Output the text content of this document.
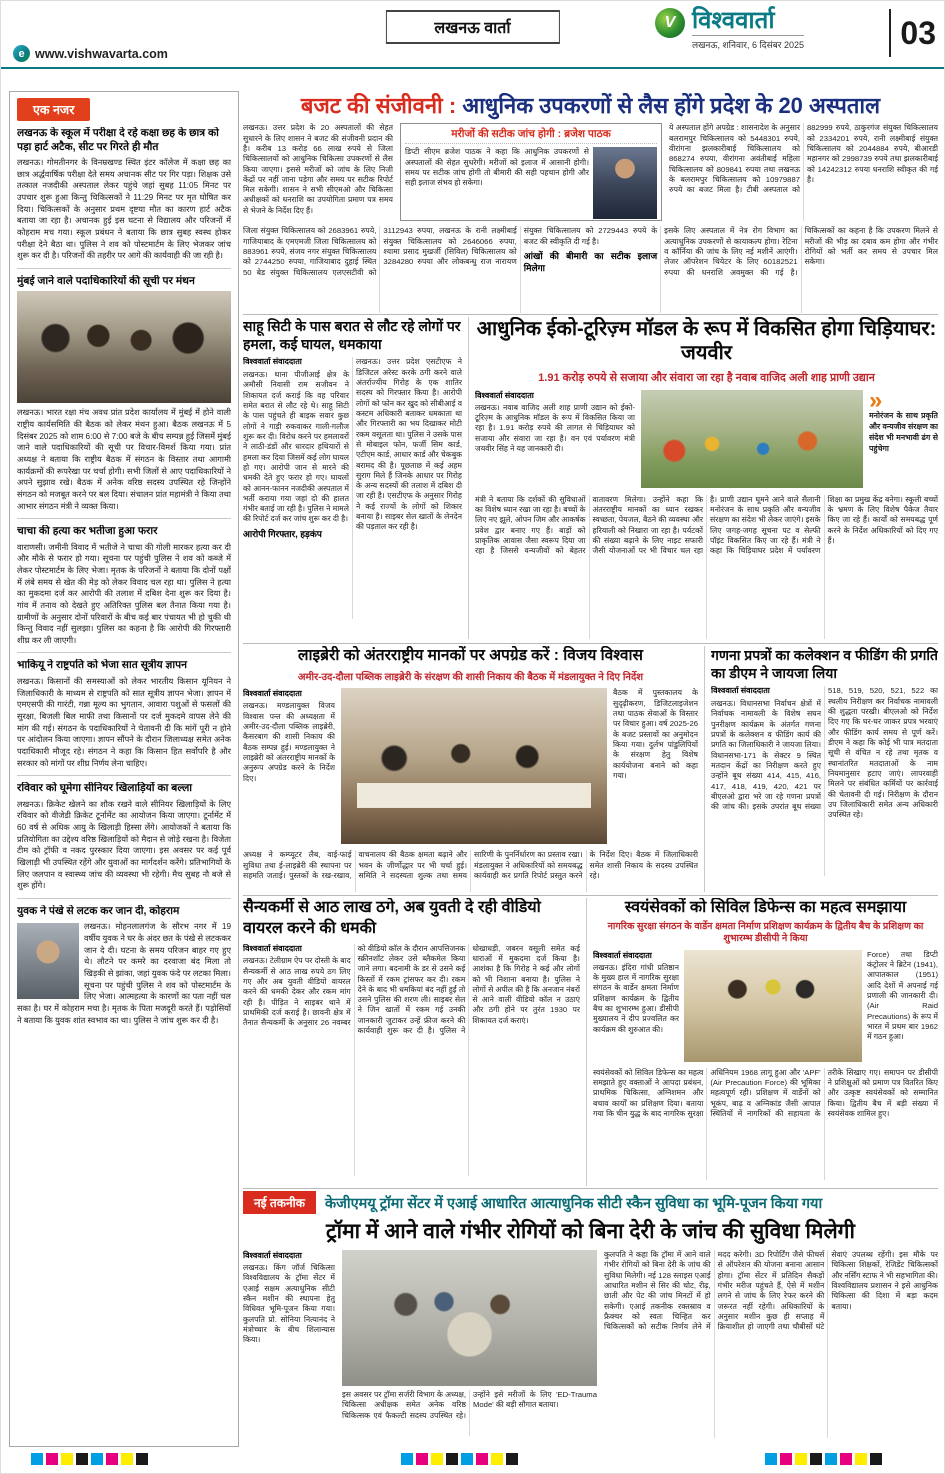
e www.vishwavarta.com
लखनऊ वार्ता	V विश्ववार्ता
लखनऊ, शनिवार, 6 दिसंबर 2025	03
एक नजर
लखनऊ के स्कूल में परीक्षा दे रहे कक्षा छह के छात्र को पड़ा हार्ट अटैक, सीट पर गिरते ही मौत
लखनऊ। गोमतीनगर के विनम्रखण्ड स्थित इंटर कॉलेज में कक्षा छह का छात्र अर्द्धवार्षिक परीक्षा देते समय अचानक सीट पर गिर पड़ा। शिक्षक उसे तत्काल नजदीकी अस्पताल लेकर पहुंचे जहां सुबह 11:05 मिनट पर उपचार शुरू हुआ किन्तु चिकित्सकों ने 11:29 मिनट पर मृत घोषित कर दिया। चिकित्सकों के अनुसार प्रथम दृष्टया मौत का कारण हार्ट अटैक बताया जा रहा है। अचानक हुई इस घटना से विद्यालय और परिजनों में कोहराम मच गया। स्कूल प्रबंधन ने बताया कि छात्र सुबह स्वस्थ होकर परीक्षा देने बैठा था। पुलिस ने शव को पोस्टमार्टम के लिए भेजकर जांच शुरू कर दी है। परिजनों की तहरीर पर आगे की कार्यवाही की जा रही है।
मुंबई जाने वाले पदाधिकारियों की सूची पर मंथन
लखनऊ। भारत रक्षा मंच अवध प्रांत प्रदेश कार्यालय में मुंबई में होने वाली राष्ट्रीय कार्यसमिति की बैठक को लेकर मंथन हुआ। बैठक लखनऊ में 5 दिसंबर 2025 को शाम 6:00 से 7:00 बजे के बीच सम्पन्न हुई जिसमें मुंबई जाने वाले पदाधिकारियों की सूची पर विचार-विमर्श किया गया। प्रांत अध्यक्ष ने बताया कि राष्ट्रीय बैठक में संगठन के विस्तार तथा आगामी कार्यक्रमों की रूपरेखा पर चर्चा होगी। सभी जिलों से आए पदाधिकारियों ने अपने सुझाव रखे। बैठक में अनेक वरिष्ठ सदस्य उपस्थित रहे जिन्होंने संगठन को मजबूत करने पर बल दिया। संचालन प्रांत महामंत्री ने किया तथा आभार संगठन मंत्री ने व्यक्त किया।
चाचा की हत्या कर भतीजा हुआ फरार
वाराणसी। जमीनी विवाद में भतीजे ने चाचा की गोली मारकर हत्या कर दी और मौके से फरार हो गया। सूचना पर पहुंची पुलिस ने शव को कब्जे में लेकर पोस्टमार्टम के लिए भेजा। मृतक के परिजनों ने बताया कि दोनों पक्षों में लंबे समय से खेत की मेड़ को लेकर विवाद चल रहा था। पुलिस ने हत्या का मुकदमा दर्ज कर आरोपी की तलाश में दबिश देना शुरू कर दिया है। गांव में तनाव को देखते हुए अतिरिक्त पुलिस बल तैनात किया गया है। ग्रामीणों के अनुसार दोनों परिवारों के बीच कई बार पंचायत भी हो चुकी थी किन्तु विवाद नहीं सुलझा। पुलिस का कहना है कि आरोपी की गिरफ्तारी शीघ्र कर ली जाएगी।
भाकियू ने राष्ट्रपति को भेजा सात सूत्रीय ज्ञापन
लखनऊ। किसानों की समस्याओं को लेकर भारतीय किसान यूनियन ने जिलाधिकारी के माध्यम से राष्ट्रपति को सात सूत्रीय ज्ञापन भेजा। ज्ञापन में एमएसपी की गारंटी, गन्ना मूल्य का भुगतान, आवारा पशुओं से फसलों की सुरक्षा, बिजली बिल माफी तथा किसानों पर दर्ज मुकदमे वापस लेने की मांग की गई। संगठन के पदाधिकारियों ने चेतावनी दी कि मांगें पूरी न होने पर आंदोलन किया जाएगा। ज्ञापन सौंपने के दौरान जिलाध्यक्ष समेत अनेक पदाधिकारी मौजूद रहे। संगठन ने कहा कि किसान हित सर्वोपरि है और सरकार को मांगों पर शीघ्र निर्णय लेना चाहिए।
रविवार को घूमेगा सीनियर खिलाड़ियों का बल्ला
लखनऊ। क्रिकेट खेलने का शौक रखने वाले सीनियर खिलाड़ियों के लिए रविवार को वीजेडी क्रिकेट टूर्नामेंट का आयोजन किया जाएगा। टूर्नामेंट में 60 वर्ष से अधिक आयु के खिलाड़ी हिस्सा लेंगे। आयोजकों ने बताया कि प्रतियोगिता का उद्देश्य वरिष्ठ खिलाड़ियों को मैदान से जोड़े रखना है। विजेता टीम को ट्रॉफी व नकद पुरस्कार दिया जाएगा। इस अवसर पर कई पूर्व खिलाड़ी भी उपस्थित रहेंगे और युवाओं का मार्गदर्शन करेंगे। प्रतिभागियों के लिए जलपान व स्वास्थ्य जांच की व्यवस्था भी रहेगी। मैच सुबह नौ बजे से शुरू होंगे।
युवक ने पंखे से लटक कर जान दी, कोहराम
लखनऊ। मोहनलालगंज के सौरभ नगर में 19 वर्षीय युवक ने घर के अंदर छत के पंखे से लटककर जान दे दी। घटना के समय परिजन बाहर गए हुए थे। लौटने पर कमरे का दरवाजा बंद मिला तो खिड़की से झांका, जहां युवक फंदे पर लटका मिला। सूचना पर पहुंची पुलिस ने शव को पोस्टमार्टम के लिए भेजा। आत्महत्या के कारणों का पता नहीं चल सका है। घर में कोहराम मचा है। मृतक के पिता मजदूरी करते हैं। पड़ोसियों ने बताया कि युवक शांत स्वभाव का था। पुलिस ने जांच शुरू कर दी है।
बजट की संजीवनी : आधुनिक उपकरणों से लैस होंगे प्रदेश के 20 अस्पताल
लखनऊ। उत्तर प्रदेश के 20 अस्पतालों की सेहत सुधारने के लिए शासन ने बजट की संजीवनी प्रदान की है। करीब 13 करोड़ 66 लाख रुपये से जिला चिकित्सालयों को आधुनिक चिकित्सा उपकरणों से लैस किया जाएगा। इससे मरीजों को जांच के लिए निजी केंद्रों पर नहीं जाना पड़ेगा और समय पर सटीक रिपोर्ट मिल सकेगी। शासन ने सभी सीएमओ और चिकित्सा अधीक्षकों को धनराशि का उपयोगिता प्रमाण पत्र समय से भेजने के निर्देश दिए हैं।
मरीजों की सटीक जांच होगी : ब्रजेश पाठक
डिप्टी सीएम ब्रजेश पाठक ने कहा कि आधुनिक उपकरणों से अस्पतालों की सेहत सुधरेगी। मरीजों को इलाज में आसानी होगी। समय पर सटीक जांच होगी तो बीमारी की सही पहचान होगी और सही इलाज संभव हो सकेगा।
ये अस्पताल होंगे अपग्रेड : शासनादेश के अनुसार बलरामपुर चिकित्सालय को 5448301 रुपये, वीरांगना झलकारीबाई चिकित्सालय को 868274 रुपया, वीरांगना अवंतीबाई महिला चिकित्सालय को 809841 रुपया तथा लखनऊ के बलरामपुर चिकित्सालय को 10979887 रुपये का बजट मिला है। टीबी अस्पताल को 882999 रुपये, ठाकुरगंज संयुक्त चिकित्सालय को 2334201 रुपये, रानी लक्ष्मीबाई संयुक्त चिकित्सालय को 2044884 रुपये, बीआरडी महानगर को 2998739 रुपये तथा झलकारीबाई को 14242312 रुपया धनराशि स्वीकृत की गई है।
जिला संयुक्त चिकित्सालय को 2683961 रुपये, गाजियाबाद के एमएमजी जिला चिकित्सालय को 883961 रुपये, संजय नगर संयुक्त चिकित्सालय को 2744250 रुपया, गाजियाबाद दुहाई स्थित 50 बेड संयुक्त चिकित्सालय एलएसटीवी को 3112943 रुपया, लखनऊ के रानी लक्ष्मीबाई संयुक्त चिकित्सालय को 2646066 रुपया, श्यामा प्रसाद मुखर्जी (सिविल) चिकित्सालय को 3284280 रुपया और लोकबन्धु राज नारायण संयुक्त चिकित्सालय को 2729443 रुपये के बजट की स्वीकृति दी गई है।
आंखों की बीमारी का सटीक इलाज मिलेगा
इसके लिए अस्पताल में नेत्र रोग विभाग का अत्याधुनिक उपकरणों से कायाकल्प होगा। रेटिना व कॉर्निया की जांच के लिए नई मशीनें आएंगी। लेजर ऑपरेशन थियेटर के लिए 60182521 रुपया की धनराशि अवमुक्त की गई है। चिकित्सकों का कहना है कि उपकरण मिलने से मरीजों की भीड़ का दबाव कम होगा और गंभीर रोगियों को भर्ती कर समय से उपचार मिल सकेगा।
साहू सिटी के पास बरात से लौट रहे लोगों पर हमला, कई घायल, धमकाया
विश्ववार्ता संवाददाता
लखनऊ। थाना पीजीआई क्षेत्र के अमौसी निवासी राम सजीवन ने शिकायत दर्ज कराई कि वह परिवार समेत बरात से लौट रहे थे। साहू सिटी के पास पहुंचते ही बाइक सवार कुछ लोगों ने गाड़ी रुकवाकर गाली-गलौज शुरू कर दी। विरोध करने पर हमलावरों ने लाठी-डंडों और धारदार हथियारों से हमला कर दिया जिसमें कई लोग घायल हो गए। आरोपी जान से मारने की धमकी देते हुए फरार हो गए। घायलों को आनन-फानन नजदीकी अस्पताल में भर्ती कराया गया जहां दो की हालत गंभीर बताई जा रही है। पुलिस ने मामले की रिपोर्ट दर्ज कर जांच शुरू कर दी है।
आरोपी गिरफ्तार, हड़कंप
लखनऊ। उत्तर प्रदेश एसटीएफ ने डिजिटल अरेस्ट करके ठगी करने वाले अंतर्राज्यीय गिरोह के एक शातिर सदस्य को गिरफ्तार किया है। आरोपी लोगों को फोन कर खुद को सीबीआई व कस्टम अधिकारी बताकर धमकाता था और गिरफ्तारी का भय दिखाकर मोटी रकम वसूलता था। पुलिस ने उसके पास से मोबाइल फोन, फर्जी सिम कार्ड, एटीएम कार्ड, आधार कार्ड और चेकबुक बरामद की है। पूछताछ में कई अहम सुराग मिले हैं जिनके आधार पर गिरोह के अन्य सदस्यों की तलाश में दबिश दी जा रही है। एसटीएफ के अनुसार गिरोह ने कई राज्यों के लोगों को शिकार बनाया है। साइबर सेल खातों के लेनदेन की पड़ताल कर रही है।
आधुनिक ईको-टूरिज़्म मॉडल के रूप में विकसित होगा चिड़ियाघर: जयवीर
1.91 करोड़ रुपये से सजाया और संवारा जा रहा है नवाब वाजिद अली शाह प्राणी उद्यान
विश्ववार्ता संवाददाता
लखनऊ। नवाब वाजिद अली शाह प्राणी उद्यान को ईको-टूरिज़्म के आधुनिक मॉडल के रूप में विकसित किया जा रहा है। 1.91 करोड़ रुपये की लागत से चिड़ियाघर को सजाया और संवारा जा रहा है। वन एवं पर्यावरण मंत्री जयवीर सिंह ने यह जानकारी दी।
»
मनोरंजन के साथ प्रकृति और वन्यजीव संरक्षण का संदेश भी मनभावी ढंग से पहुंचेगा
मंत्री ने बताया कि दर्शकों की सुविधाओं का विशेष ध्यान रखा जा रहा है। बच्चों के लिए नए झूले, ओपन जिम और आकर्षक प्रवेश द्वार बनाए गए हैं। बाड़ों को प्राकृतिक आवास जैसा स्वरूप दिया जा रहा है जिससे वन्यजीवों को बेहतर वातावरण मिलेगा। उन्होंने कहा कि अंतरराष्ट्रीय मानकों का ध्यान रखकर स्वच्छता, पेयजल, बैठने की व्यवस्था और हरियाली को निखारा जा रहा है। पर्यटकों की संख्या बढ़ाने के लिए नाइट सफारी जैसी योजनाओं पर भी विचार चल रहा है। प्राणी उद्यान घूमने आने वाले सैलानी मनोरंजन के साथ प्रकृति और वन्यजीव संरक्षण का संदेश भी लेकर जाएंगे। इसके लिए जगह-जगह सूचना पट व सेल्फी पॉइंट विकसित किए जा रहे हैं। मंत्री ने कहा कि चिड़ियाघर प्रदेश में पर्यावरण शिक्षा का प्रमुख केंद्र बनेगा। स्कूली बच्चों के भ्रमण के लिए विशेष पैकेज तैयार किए जा रहे हैं। कार्यों को समयबद्ध पूर्ण करने के निर्देश अधिकारियों को दिए गए हैं।
लाइब्रेरी को अंतरराष्ट्रीय मानकों पर अपग्रेड करें : विजय विश्वास
अमीर-उद-दौला पब्लिक लाइब्रेरी के संरक्षण की शासी निकाय की बैठक में मंडलायुक्त ने दिए निर्देश
विश्ववार्ता संवाददाता
लखनऊ। मण्डलायुक्त विजय विश्वास पन्त की अध्यक्षता में अमीर-उद-दौला पब्लिक लाइब्रेरी, कैसरबाग की शासी निकाय की बैठक सम्पन्न हुई। मण्डलायुक्त ने लाइब्रेरी को अंतरराष्ट्रीय मानकों के अनुरूप अपग्रेड करने के निर्देश दिए।
बैठक में पुस्तकालय के सुदृढ़ीकरण, डिजिटलाइजेशन तथा पाठक सेवाओं के विस्तार पर विचार हुआ। वर्ष 2025-26 के बजट प्रस्तावों का अनुमोदन किया गया। दुर्लभ पांडुलिपियों के संरक्षण हेतु विशेष कार्ययोजना बनाने को कहा गया।
अध्यक्ष ने कम्प्यूटर लैब, वाई-फाई सुविधा तथा ई-लाइब्रेरी की स्थापना पर सहमति जताई। पुस्तकों के रख-रखाव, वाचनालय की बैठक क्षमता बढ़ाने और भवन के जीर्णोद्धार पर भी चर्चा हुई। समिति ने सदस्यता शुल्क तथा समय सारिणी के पुनर्निर्धारण का प्रस्ताव रखा। मंडलायुक्त ने अधिकारियों को समयबद्ध कार्यवाही कर प्रगति रिपोर्ट प्रस्तुत करने के निर्देश दिए। बैठक में जिलाधिकारी समेत शासी निकाय के सदस्य उपस्थित रहे।
गणना प्रपत्रों का कलेक्शन व फीडिंग की प्रगति का डीएम ने जायजा लिया
विश्ववार्ता संवाददाता
लखनऊ। विधानसभा निर्वाचन क्षेत्रों में निर्वाचक नामावली के विशेष सघन पुनरीक्षण कार्यक्रम के अंतर्गत गणना प्रपत्रों के कलेक्शन व फीडिंग कार्य की प्रगति का जिलाधिकारी ने जायजा लिया। विधानसभा-171 के सेक्टर 9 स्थित मतदान केंद्रों का निरीक्षण करते हुए उन्होंने बूथ संख्या 414, 415, 416, 417, 418, 419, 420, 421 पर बीएलओ द्वारा भरे जा रहे गणना प्रपत्रों की जांच की। इसके उपरांत बूथ संख्या 518, 519, 520, 521, 522 का स्थलीय निरीक्षण कर निर्वाचक नामावली की शुद्धता परखी। बीएलओ को निर्देश दिए गए कि घर-घर जाकर प्रपत्र भरवाएं और फीडिंग कार्य समय से पूर्ण करें। डीएम ने कहा कि कोई भी पात्र मतदाता सूची से वंचित न रहे तथा मृतक व स्थानांतरित मतदाताओं के नाम नियमानुसार हटाए जाएं। लापरवाही मिलने पर संबंधित कर्मियों पर कार्रवाई की चेतावनी दी गई। निरीक्षण के दौरान उप जिलाधिकारी समेत अन्य अधिकारी उपस्थित रहे।
सैन्यकर्मी से आठ लाख ठगे, अब युवती दे रही वीडियो वायरल करने की धमकी
विश्ववार्ता संवाददाता
लखनऊ। टेलीग्राम ऐप पर दोस्ती के बाद सैन्यकर्मी से आठ लाख रुपये ठग लिए गए और अब युवती वीडियो वायरल करने की धमकी देकर और रकम मांग रही है। पीड़ित ने साइबर थाने में प्राथमिकी दर्ज कराई है। छावनी क्षेत्र में तैनात सैन्यकर्मी के अनुसार 26 नवम्बर को वीडियो कॉल के दौरान आपत्तिजनक स्क्रीनशॉट लेकर उसे ब्लैकमेल किया जाने लगा। बदनामी के डर से उसने कई किस्तों में रकम ट्रांसफर कर दी। रकम देने के बाद भी धमकियां बंद नहीं हुईं तो उसने पुलिस की शरण ली। साइबर सेल ने जिन खातों में रकम गई उनकी जानकारी जुटाकर उन्हें फ्रीज करने की कार्यवाही शुरू कर दी है। पुलिस ने धोखाधड़ी, जबरन वसूली समेत कई धाराओं में मुकदमा दर्ज किया है। आशंका है कि गिरोह ने कई और लोगों को भी निशाना बनाया है। पुलिस ने लोगों से अपील की है कि अनजान नंबरों से आने वाली वीडियो कॉल न उठाएं और ठगी होने पर तुरंत 1930 पर शिकायत दर्ज कराएं।
स्वयंसेवकों को सिविल डिफेन्स का महत्व समझाया
नागरिक सुरक्षा संगठन के वार्डेन क्षमता निर्माण प्रशिक्षण कार्यक्रम के द्वितीय बैच के प्रशिक्षण का शुभारम्भ डीसीपी ने किया
विश्ववार्ता संवाददाता
लखनऊ। इंदिरा गांधी प्रतिष्ठान के मुख्य हाल में नागरिक सुरक्षा संगठन के वार्डेन क्षमता निर्माण प्रशिक्षण कार्यक्रम के द्वितीय बैच का शुभारम्भ हुआ। डीसीपी मुख्यालय ने दीप प्रज्वलित कर कार्यक्रम की शुरुआत की।
Force) तथा डिप्टी कंट्रोलर ने ब्रिटेन (1941), आपातकाल (1951) आदि देशों में अपनाई गई प्रणाली की जानकारी दी। (Air Raid Precautions) के रूप में भारत में प्रथम बार 1962 में गठन हुआ।
स्वयंसेवकों को सिविल डिफेन्स का महत्व समझाते हुए वक्ताओं ने आपदा प्रबंधन, प्राथमिक चिकित्सा, अग्निशमन और बचाव कार्यों का प्रशिक्षण दिया। बताया गया कि चीन युद्ध के बाद नागरिक सुरक्षा अधिनियम 1968 लागू हुआ और 'APF' (Air Precaution Force) की भूमिका महत्वपूर्ण रही। प्रशिक्षण में वार्डेनों को भूकंप, बाढ़ व अग्निकांड जैसी आपात स्थितियों में नागरिकों की सहायता के तरीके सिखाए गए। समापन पर डीसीपी ने प्रशिक्षुओं को प्रमाण पत्र वितरित किए और उत्कृष्ट स्वयंसेवकों को सम्मानित किया। द्वितीय बैच में बड़ी संख्या में स्वयंसेवक शामिल हुए।
नई तकनीक	केजीएमयू ट्रॉमा सेंटर में एआई आधारित आत्याधुनिक सीटी स्कैन सुविधा का भूमि-पूजन किया गया
ट्रॉमा में आने वाले गंभीर रोगियों को बिना देरी के जांच की सुविधा मिलेगी
विश्ववार्ता संवाददाता
लखनऊ। किंग जॉर्ज चिकित्सा विश्वविद्यालय के ट्रॉमा सेंटर में एआई सक्षम अत्याधुनिक सीटी स्कैन मशीन की स्थापना हेतु विधिवत भूमि-पूजन किया गया। कुलपति प्रो. सोनिया नित्यानंद ने मंत्रोच्चार के बीच शिलान्यास किया।
इस अवसर पर ट्रॉमा सर्जरी विभाग के अध्यक्ष, चिकित्सा अधीक्षक समेत अनेक वरिष्ठ चिकित्सक एवं फैकल्टी सदस्य उपस्थित रहे। उन्होंने इसे मरीजों के लिए 'ED-Trauma Mode' की बड़ी सौगात बताया।
कुलपति ने कहा कि ट्रॉमा में आने वाले गंभीर रोगियों को बिना देरी के जांच की सुविधा मिलेगी। नई 128 स्लाइस एआई आधारित मशीन से सिर की चोट, रीढ़, छाती और पेट की जांच मिनटों में हो सकेगी। एआई तकनीक रक्तस्राव व फ्रैक्चर को स्वतः चिन्हित कर चिकित्सकों को सटीक निर्णय लेने में मदद करेगी। 3D रिपोर्टिंग जैसे फीचर्स से ऑपरेशन की योजना बनाना आसान होगा। ट्रॉमा सेंटर में प्रतिदिन सैकड़ों गंभीर मरीज पहुंचते हैं, ऐसे में मशीन लगने से जांच के लिए रेफर करने की जरूरत नहीं रहेगी। अधिकारियों के अनुसार मशीन कुछ ही सप्ताह में क्रियाशील हो जाएगी तथा चौबीसों घंटे सेवाएं उपलब्ध रहेंगी। इस मौके पर चिकित्सा शिक्षकों, रेजिडेंट चिकित्सकों और नर्सिंग स्टाफ ने भी सहभागिता की। विश्वविद्यालय प्रशासन ने इसे आधुनिक चिकित्सा की दिशा में बड़ा कदम बताया।
